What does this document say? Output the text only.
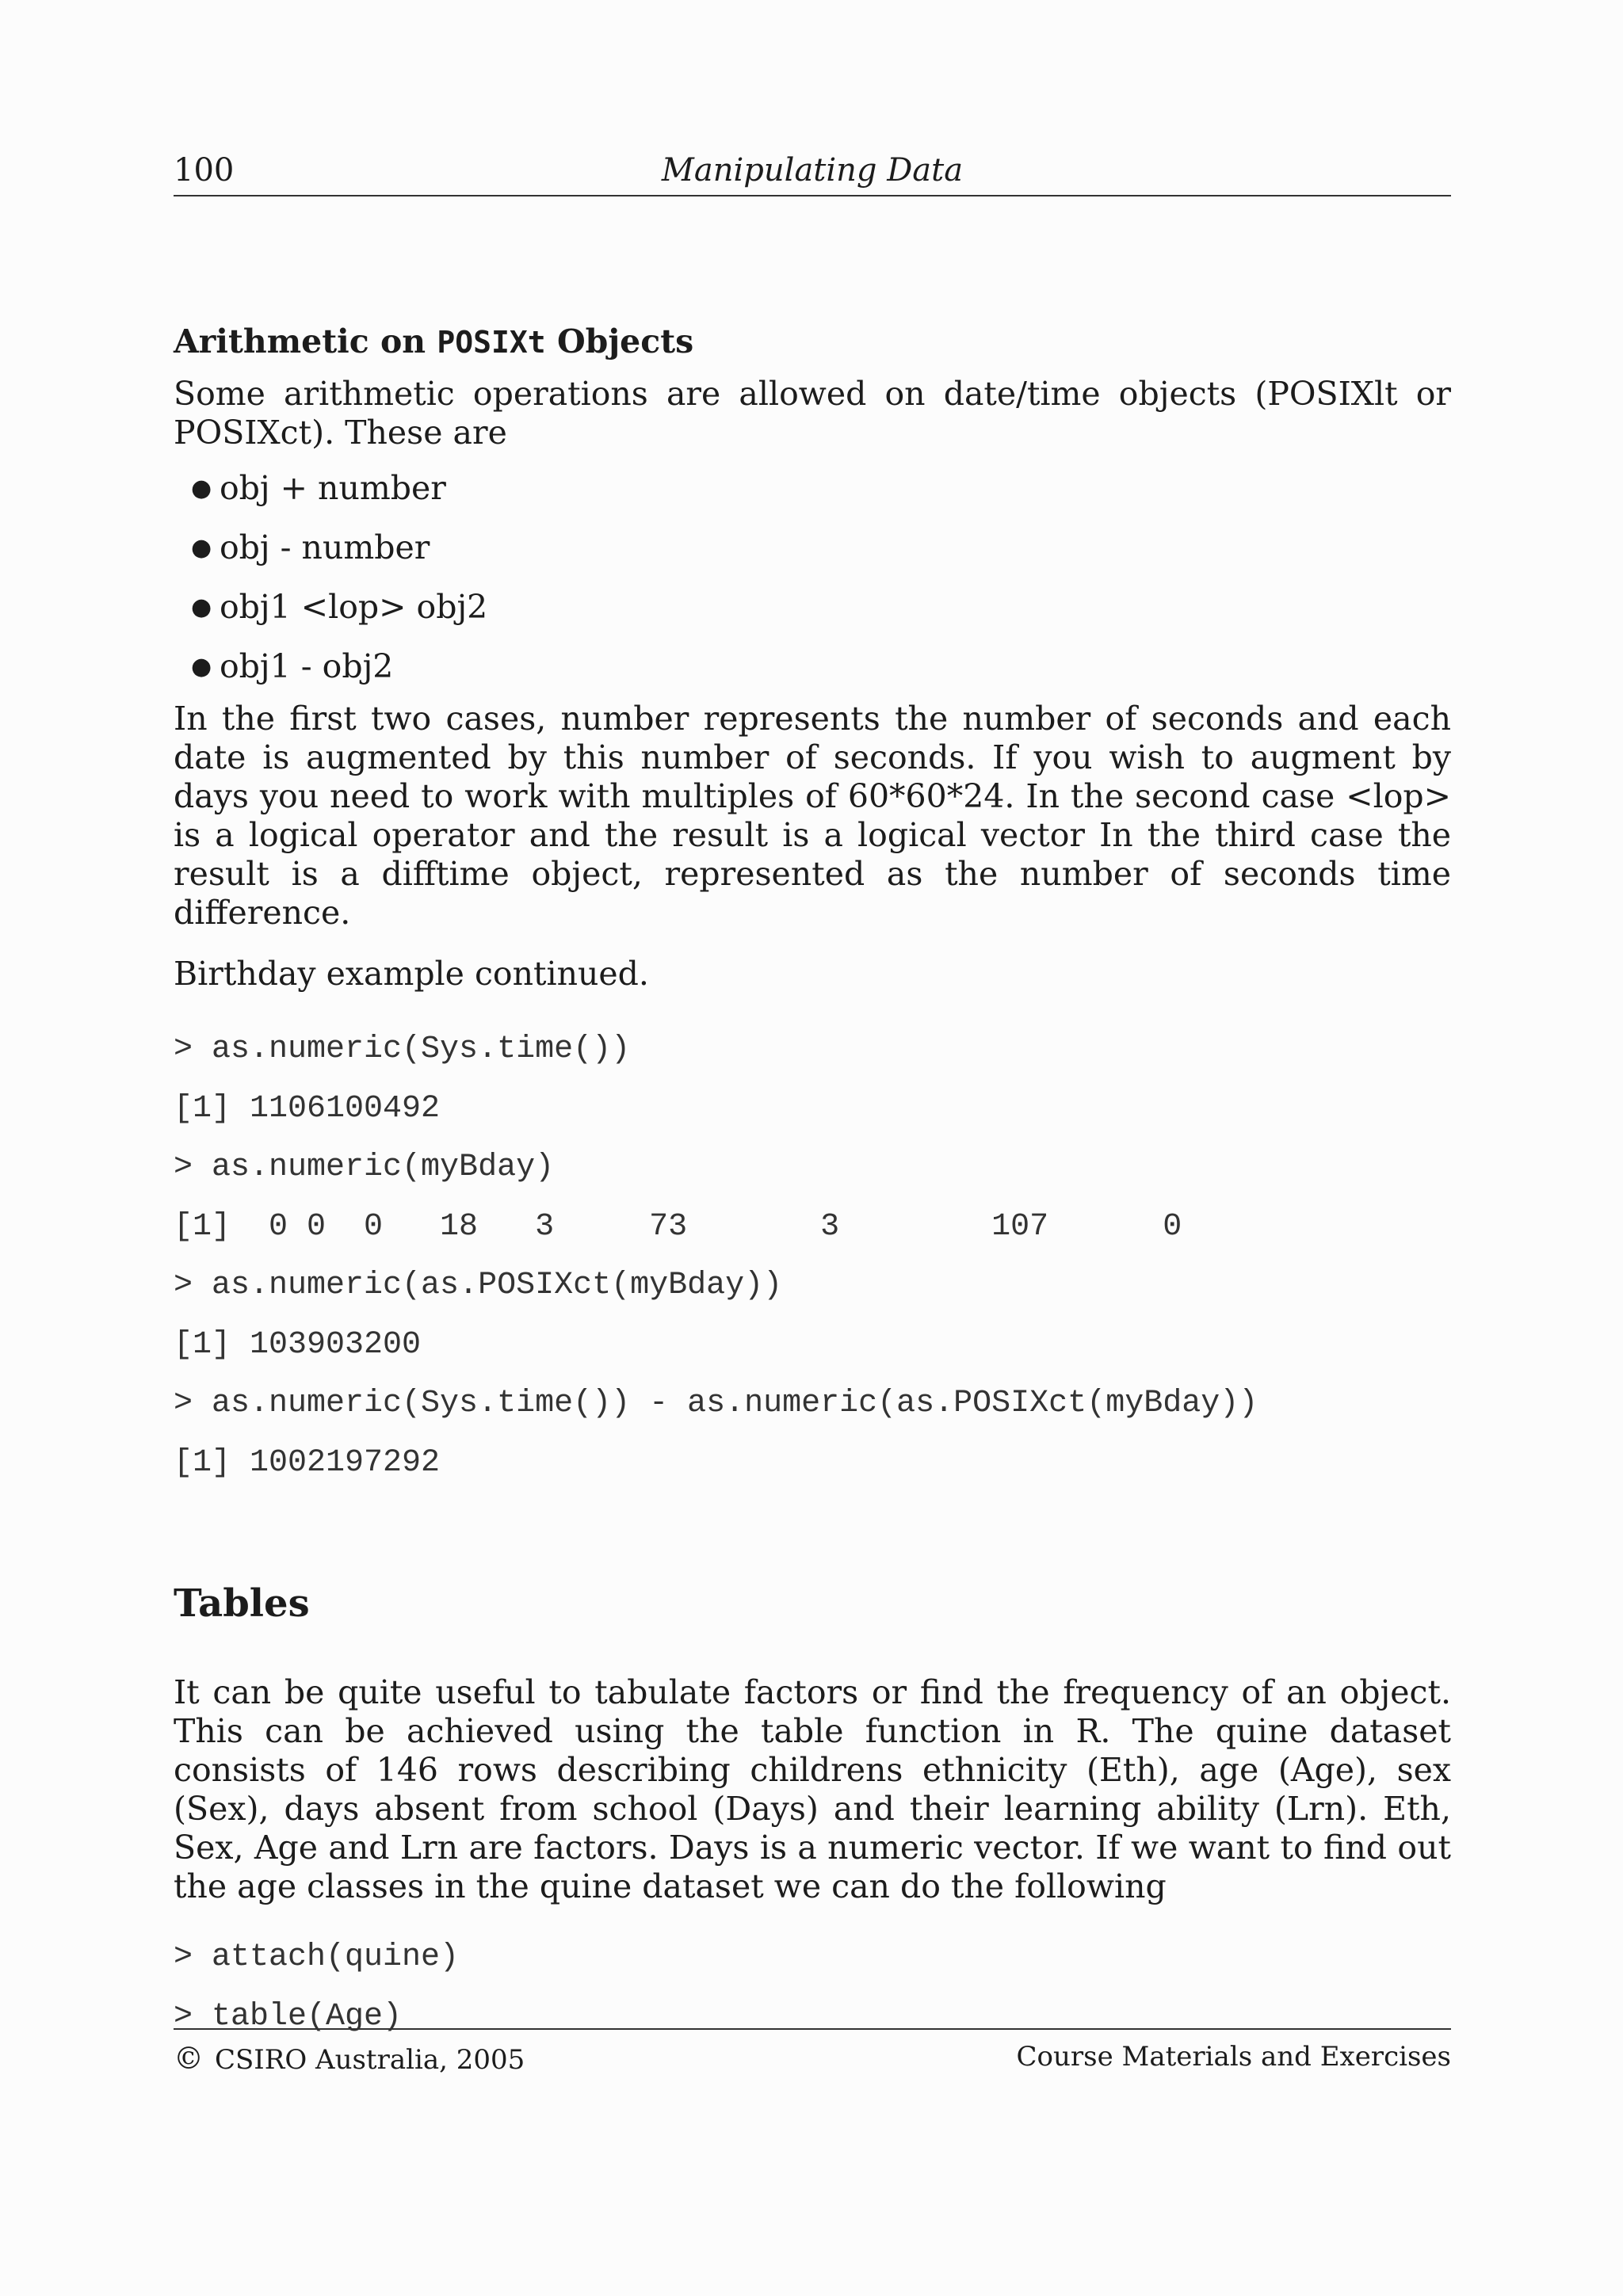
100	Manipulating Data
Arithmetic on POSIXt Objects

Some arithmetic operations are allowed on date/time objects (POSIXlt or POSIXct). These are

● obj + number
● obj - number
● obj1 <lop> obj2
● obj1 - obj2

In the first two cases, number represents the number of seconds and each date is augmented by this number of seconds. If you wish to augment by days you need to work with multiples of 60*60*24. In the second case <lop> is a logical operator and the result is a logical vector In the third case the result is a difftime object, represented as the number of seconds time difference.

Birthday example continued.

> as.numeric(Sys.time())
[1] 1106100492
> as.numeric(myBday)
[1]  0 0  0   18   3     73       3        107      0
> as.numeric(as.POSIXct(myBday))
[1] 103903200
> as.numeric(Sys.time()) - as.numeric(as.POSIXct(myBday))
[1] 1002197292
Tables

It can be quite useful to tabulate factors or find the frequency of an object. This can be achieved using the table function in R. The quine dataset consists of 146 rows describing childrens ethnicity (Eth), age (Age), sex (Sex), days absent from school (Days) and their learning ability (Lrn). Eth, Sex, Age and Lrn are factors. Days is a numeric vector. If we want to find out the age classes in the quine dataset we can do the following

> attach(quine)
> table(Age)
© CSIRO Australia, 2005	Course Materials and Exercises
